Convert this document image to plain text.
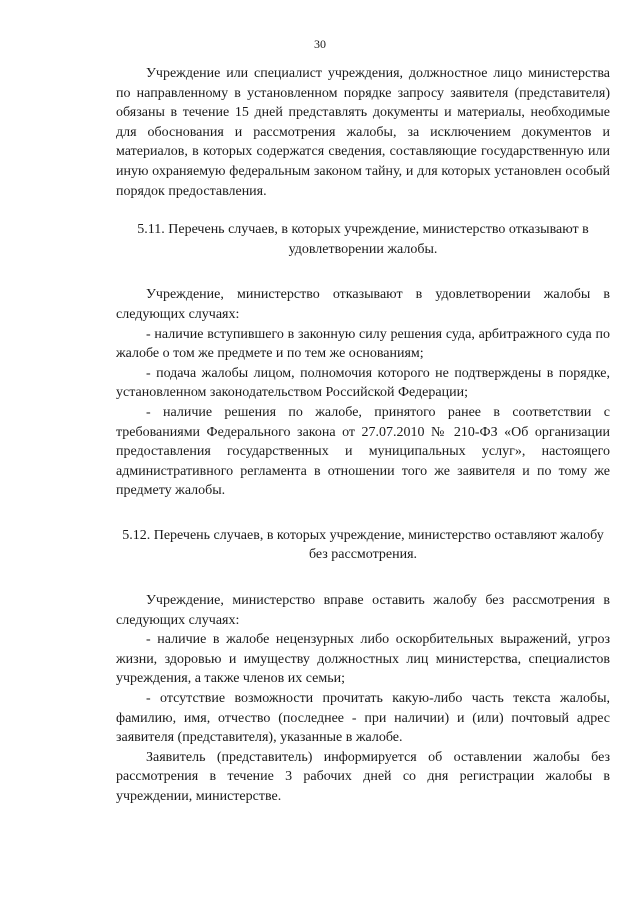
30

Учреждение или специалист учреждения, должностное лицо министерства по направленному в установленном порядке запросу заявителя (представителя) обязаны в течение 15 дней представлять документы и материалы, необходимые для обоснования и рассмотрения жалобы, за исключением документов и материалов, в которых содержатся сведения, составляющие государственную или иную охраняемую федеральным законом тайну, и для которых установлен особый порядок предоставления.

5.11. Перечень случаев, в которых учреждение, министерство отказывают в удовлетворении жалобы.

Учреждение, министерство отказывают в удовлетворении жалобы в следующих случаях:

- наличие вступившего в законную силу решения суда, арбитражного суда по жалобе о том же предмете и по тем же основаниям;

- подача жалобы лицом, полномочия которого не подтверждены в порядке, установленном законодательством Российской Федерации;

- наличие решения по жалобе, принятого ранее в соответствии с требованиями Федерального закона от 27.07.2010 № 210-ФЗ «Об организации предоставления государственных и муниципальных услуг», настоящего административного регламента в отношении того же заявителя и по тому же предмету жалобы.

5.12. Перечень случаев, в которых учреждение, министерство оставляют жалобу без рассмотрения.

Учреждение, министерство вправе оставить жалобу без рассмотрения в следующих случаях:

- наличие в жалобе нецензурных либо оскорбительных выражений, угроз жизни, здоровью и имуществу должностных лиц министерства, специалистов учреждения, а также членов их семьи;

- отсутствие возможности прочитать какую-либо часть текста жалобы, фамилию, имя, отчество (последнее - при наличии) и (или) почтовый адрес заявителя (представителя), указанные в жалобе.

Заявитель (представитель) информируется об оставлении жалобы без рассмотрения в течение 3 рабочих дней со дня регистрации жалобы в учреждении, министерстве.
